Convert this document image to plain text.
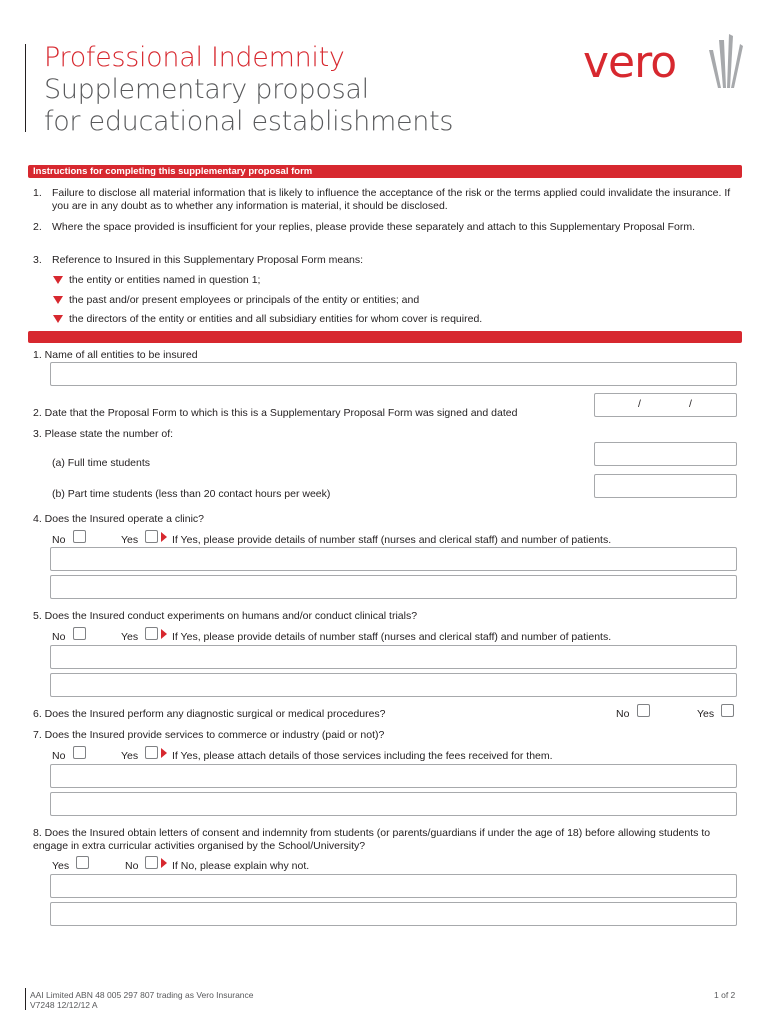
Professional Indemnity
Supplementary proposal
for educational establishments
vero
Instructions for completing this supplementary proposal form
1. Failure to disclose all material information that is likely to influence the acceptance of the risk or the terms applied could invalidate the insurance. If you are in any doubt as to whether any information is material, it should be disclosed.
2. Where the space provided is insufficient for your replies, please provide these separately and attach to this Supplementary Proposal Form.
3. Reference to Insured in this Supplementary Proposal Form means:
the entity or entities named in question 1;
the past and/or present employees or principals of the entity or entities; and
the directors of the entity or entities and all subsidiary entities for whom cover is required.
1. Name of all entities to be insured
2. Date that the Proposal Form to which is this is a Supplementary Proposal Form was signed and dated
/	/
3. Please state the number of:
(a) Full time students
(b) Part time students (less than 20 contact hours per week)
4. Does the Insured operate a clinic?
No	Yes	If Yes, please provide details of number staff (nurses and clerical staff) and number of patients.
5. Does the Insured conduct experiments on humans and/or conduct clinical trials?
No	Yes	If Yes, please provide details of number staff (nurses and clerical staff) and number of patients.
6. Does the Insured perform any diagnostic surgical or medical procedures?	No	Yes
7. Does the Insured provide services to commerce or industry (paid or not)?
No	Yes	If Yes, please attach details of those services including the fees received for them.
8. Does the Insured obtain letters of consent and indemnity from students (or parents/guardians if under the age of 18) before allowing students to engage in extra curricular activities organised by the School/University?
Yes	No	If No, please explain why not.
AAI Limited ABN 48 005 297 807 trading as Vero Insurance
V7248 12/12/12 A
1 of 2
